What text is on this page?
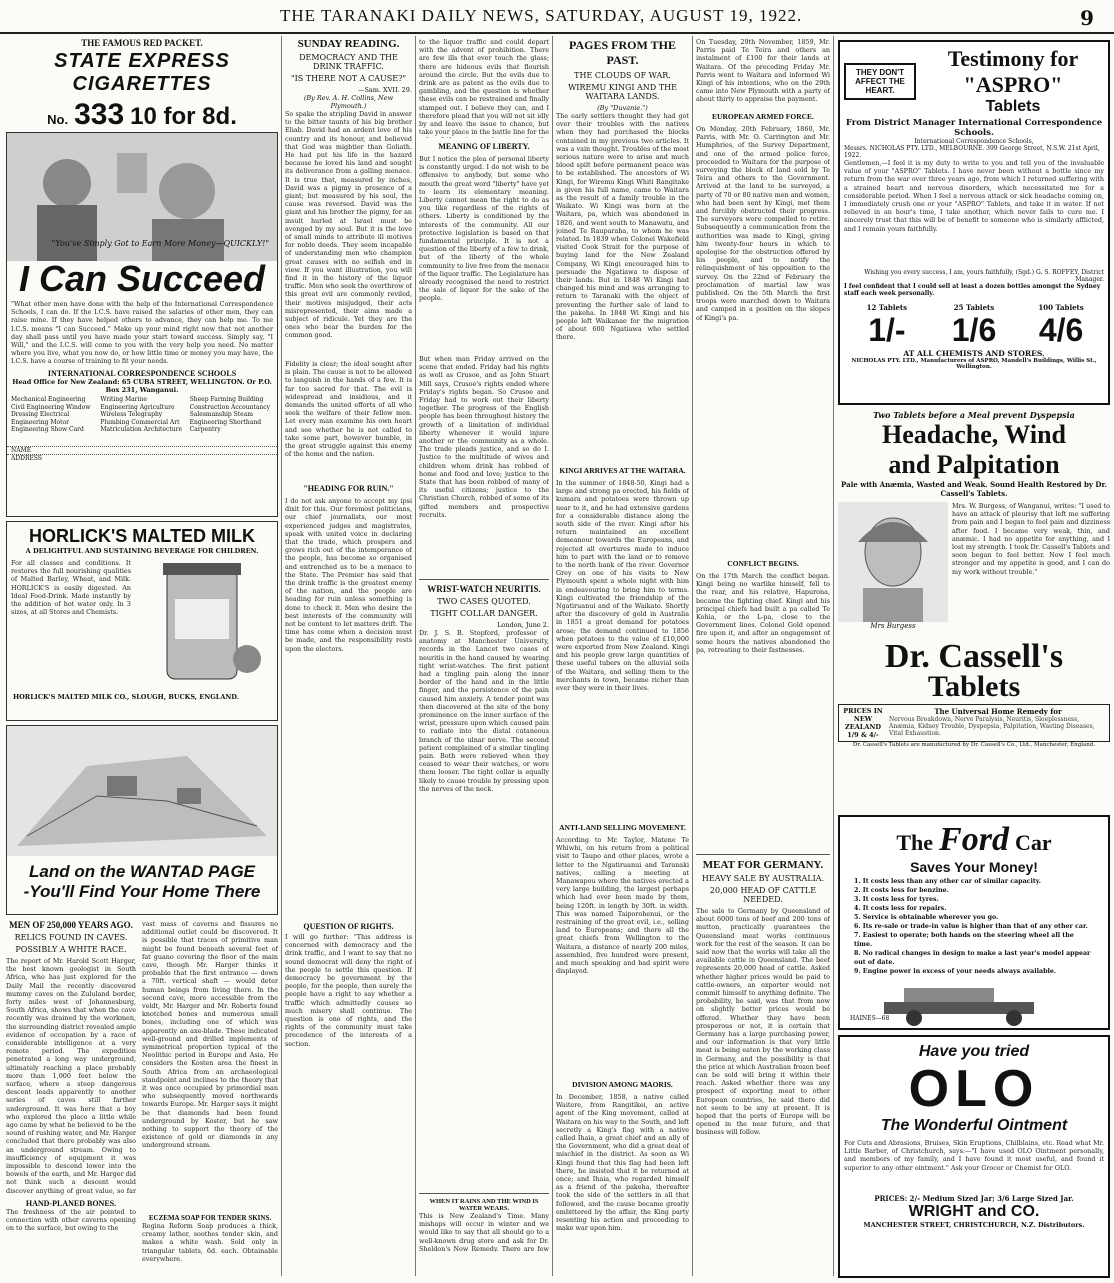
THE TARANAKI DAILY NEWS, SATURDAY, AUGUST 19, 1922.	9
THE FAMOUS RED PACKET.
STATE EXPRESS CIGARETTES
No. 333 10 for 8d.
"You've Simply Got to Earn More Money—QUICKLY!"
I Can Succeed
"What other men have done with the help of the International Correspondence Schools, I can do. If the I.C.S. have raised the salaries of other men, they can raise mine. If they have helped others to advance, they can help me. To me I.C.S. means "I can Succeed." Make up your mind right now that not another day shall pass until you have made your start toward success. Simply say, "I Will," and the I.C.S. will come to you with the very help you need. No matter where you live, what you now do, or how little time or money you may have, the I.C.S. have a course of training to fit your needs.
INTERNATIONAL CORRESPONDENCE SCHOOLS
Head Office for New Zealand: 65 CUBA STREET, WELLINGTON. Or P.O. Box 231, Wanganui.
Mechanical Engineering Civil Engineering Window Dressing Electrical Engineering Motor Engineering Show Card Writing Marine Engineering Agriculture Wireless Telegraphy Plumbing Commercial Art Matriculation Architecture Sheep Farming Building Construction Accountancy Salesmanship Steam Engineering Shorthand Carpentry
NAME
ADDRESS
HORLICK'S MALTED MILK
A DELIGHTFUL AND SUSTAINING BEVERAGE FOR CHILDREN.
For all classes and conditions. It restores the full nourishing qualities of Malted Barley, Wheat, and Milk. HORLICK'S is easily digested. An Ideal Food-Drink. Made instantly by the addition of hot water only. In 3 sizes, at all Stores and Chemists.
HORLICK'S MALTED MILK CO., SLOUGH, BUCKS, ENGLAND.
Land on the WANTAD PAGE
-You'll Find Your Home There
MEN OF 250,000 YEARS AGO.
RELICS FOUND IN CAVES.
POSSIBLY A WHITE RACE.
The report of Mr. Harold Scott Harger, the best known geologist in South Africa, who has just explored for the Daily Mail the recently discovered mummy caves on the Zululand border, forty miles west of Johannesburg, South Africa, shows that when the cave recently was drained by the workmen, the surrounding district revealed ample evidence of occupation by a race of considerable intelligence at a very remote period. The expedition penetrated a long way underground, ultimately reaching a place probably more than 1,000 feet below the surface, where a steep dangerous descent leads apparently to another series of caves still farther underground. It was here that a boy who explored the place a little while ago came by what he believed to be the sound of rushing water, and Mr. Harger concluded that there probably was also an underground stream. Owing to insufficiency of equipment it was impossible to descend lower into the bowels of the earth, and Mr. Harger did not think such a descent would discover anything of great value, so far
HAND-PLANED BONES.
The freshness of the air pointed to connection with other caverns opening on to the surface, but owing to the
vast mass of caverns and fissures no additional outlet could be discovered. It is possible that traces of primitive man might be found beneath several feet of fat guano covering the floor of the main cave, though Mr. Harger thinks it probable that the first entrance — down a 70ft. vertical shaft — would deter human beings from living there. In the second cave, more accessible from the veldt, Mr. Harger and Mr. Roberts found knotched bones and numerous small bones, including one of which was apparently an axe-blade. These indicated well-ground and drilled implements of symmetrical proportion typical of the Neolithic period in Europe and Asia. He considers the Kosten area the finest in South Africa from an archaeological standpoint and inclines to the theory that it was once occupied by primordial man who subsequently moved northwards towards Europe. Mr. Harger says it might be that diamonds had been found underground by Koster, but he saw nothing to support the theory of the existence of gold or diamonds in any underground stream.
ECZEMA SOAP FOR TENDER SKINS.
Regina Reform Soap produces a thick, creamy lather, soothes tender skin, and makes a white wash. Sold only in triangular tablets, 6d. each. Obtainable everywhere.
SUNDAY READING.
DEMOCRACY AND THE DRINK TRAFFIC.
"IS THERE NOT A CAUSE?"
—Sam. XVII. 29.
(By Rev. A. H. Collins, New Plymouth.)
So spake the stripling David in answer to the bitter taunts of his big brother Eliab. David had an ardent love of his country and its honour, and believed that God was mightier than Goliath. He had put his life in the hazard because he loved his land and sought its deliverance from a galling menace. It is true that, measured by inches, David was a pigmy in presence of a giant; but measured by his soul, the cause was reversed. David was the giant and his brother the pigmy, for an insult hurled at Israel must be avenged by my soul. But it is the love of small minds to attribute ill motives for noble deeds. They seem incapable of understanding men who champion great causes with no selfish end in view. If you want illustration, you will find it in the history of the liquor traffic. Men who seek the overthrow of this great evil are commonly reviled, their motives misjudged, their acts misrepresented, their aims made a subject of ridicule. Yet they are the ones who bear the burden for the common good.
Fidelity is clear; the ideal sought after is plain. The cause is not to be allowed to languish in the hands of a few. It is far too sacred for that. The evil is widespread and insidious, and it demands the united efforts of all who seek the welfare of their fellow men. Let every man examine his own heart and see whether he is not called to take some part, however humble, in the great struggle against this enemy of the home and the nation.
"HEADING FOR RUIN."
I do not ask anyone to accept my ipsi dixit for this. Our foremost politicians, our chief journalists, our most experienced judges and magistrates, speak with united voice in declaring that the trade, which prospers and grows rich out of the intemperance of the people, has become so organised and entrenched as to be a menace to the State. The Premier has said that the drink traffic is the greatest enemy of the nation, and the people are heading for ruin unless something is done to check it. Men who desire the best interests of the community will not be content to let matters drift. The time has come when a decision must be made, and the responsibility rests upon the electors.
QUESTION OF RIGHTS.
I will go further: "This address is concerned with democracy and the drink traffic, and I want to say that no sound democrat will deny the right of the people to settle this question. If democracy be government by the people, for the people, then surely the people have a right to say whether a traffic which admittedly causes so much misery shall continue. The question is one of rights, and the rights of the community must take precedence of the interests of a section.
to the liquor traffic and could depart with the advent of prohibition. There are few ills that ever touch the glass; there are hideous evils that flourish around the circle. But the evils due to drink are as patent as the evils due to gambling, and the question is whether these evils can be restrained and finally stamped out. I believe they can, and I therefore plead that you will not sit idly by and leave the issue to chance, but take your place in the battle line for the
MEANING OF LIBERTY.
But I notice the plea of personal liberty is constantly urged. I do not wish to be offensive to anybody, but some who mouth the great word "liberty" have yet to learn its elementary meaning. Liberty cannot mean the right to do as you like regardless of the rights of others. Liberty is conditioned by the interests of the community. All our protective legislation is based on that fundamental principle. It is not a question of the liberty of a few to drink, but of the liberty of the whole community to live free from the menace of the liquor traffic. The Legislature has already recognised the need to restrict the sale of liquor for the sake of the people.
But when man Friday arrived on the scene that ended. Friday had his rights as well as Crusoe, and as John Stuart Mill says, Crusoe's rights ended where Friday's rights began. So Crusoe and Friday had to work out their liberty together. The progress of the English people has been throughout history the growth of a limitation of individual liberty whenever it would injure another or the community as a whole. The trade pleads justice, and so do I. Justice to the multitude of wives and children whom drink has robbed of home and food and love; justice to the State that has been robbed of many of its useful citizens; justice to the Christian Church, robbed of some of its gifted members and prospective recruits.
WRIST-WATCH NEURITIS.
TWO CASES QUOTED.
TIGHT COLLAR DANGER.
London, June 2.
Dr. J. S. B. Stopford, professor of anatomy at Manchester University, records in the Lancet two cases of neuritis in the hand caused by wearing tight wrist-watches. The first patient had a tingling pain along the inner border of the hand and in the little finger, and the persistence of the pain caused him anxiety. A tender point was then discovered at the site of the bony prominence on the inner surface of the wrist, pressure upon which caused pain to radiate into the distal cutaneous branch of the ulnar nerve. The second patient complained of a similar tingling pain. Both were relieved when they ceased to wear their watches, or wore them looser. The tight collar is equally likely to cause trouble by pressing upon the nerves of the neck.
WHEN IT RAINS AND THE WIND IS WATER WEARS.
This is New Zealand's Time. Many mishaps will occur in winter and we would like to say that all should go to a well-known drug store and ask for Dr. Sheldon's Now Remedy. There are few
PAGES FROM THE PAST.
THE CLOUDS OF WAR.
WIREMU KINGI AND THE WAITARA LANDS.
(By "Duvanie.")
The early settlers thought they had got over their troubles with the natives when they had purchased the blocks contained in my previous two articles. It was a vain thought. Troubles of the most serious nature were to arise and much blood spilt before permanent peace was to be established. The ancestors of Wi Kingi, for Wiremu Kingi Whiti Rangitake is given his full name, came to Waitara as the result of a family trouble in the Waikato. Wi Kingi was born at the Waitara, pa, which was abandoned in 1826, and went south to Manawatu, and joined Te Rauparaha, to whom he was related. In 1839 when Colonel Wakefield visited Cook Strait for the purpose of buying land for the New Zealand Company, Wi Kingi encouraged him to persuade the Ngatiawa to dispose of their lands. But in 1848 Wi Kingi had changed his mind and was arranging to return to Taranaki with the object of preventing the further sale of land to the pakeha. In 1848 Wi Kingi and his people left Waikanae for the migration of about 600 Ngatiawa who settled there.
KINGI ARRIVES AT THE WAITARA.
In the summer of 1848-50, Kingi had a large and strong pa erected, his fields of kumara and potatoes were thrown up near to it, and he had extensive gardens for a considerable distance along the south side of the river. Kingi after his return maintained an excellent demeanour towards the Europeans, and rejected all overtures made to induce him to part with the land or to remove to the north bank of the river. Governor Grey on one of his visits to New Plymouth spent a whole night with him in endeavouring to bring him to terms. Kingi cultivated the friendship of the Ngatiruanui and of the Waikato. Shortly after the discovery of gold in Australia in 1851 a great demand for potatoes arose; the demand continued to 1856 when potatoes to the value of £10,000 were exported from New Zealand. Kingi and his people grew large quantities of these useful tubers on the alluvial soils of the Waitara, and selling them to the merchants in town, became richer than ever they were in their lives.
ANTI-LAND SELLING MOVEMENT.
According to Mr. Taylor, Matene Te Whiwhi, on his return from a political visit to Taupo and other places, wrote a letter to the Ngatiruanui and Taranaki natives, calling a meeting at Manawapou where the natives erected a very large building, the largest perhaps which had ever been made by them, being 120ft. in length by 30ft. in width. This was named Taiporohenui, or the restraining of the great evil, i.e., selling land to Europeans; and there all the great chiefs from Wellington to the Waitara, a distance of nearly 200 miles, assembled, five hundred were present, and much speaking and bad spirit were displayed.
DIVISION AMONG MAORIS.
In December, 1858, a native called Waitere, from Rangitikei, an active agent of the King movement, called at Waitara on his way to the South, and left secretly a King's flag with a native called Ihaia, a great chief and an ally of the Government, who did a great deal of mischief in the district. As soon as Wi Kingi found that this flag had been left there, he insisted that it be returned at once; and Ihaia, who regarded himself as a friend of the pakeha, thereafter took the side of the settlers in all that followed, and the cause became greatly embittered by the affair, the King party resenting his action and proceeding to make war upon him.
On Tuesday, 29th November, 1859, Mr. Parris paid Te Teira and others an instalment of £100 for their lands at Waitara. Of the preceding Friday Mr. Parris went to Waitara and informed Wi Kingi of his intentions, who on the 29th came into New Plymouth with a party of about thirty to appraise the payment.
EUROPEAN ARMED FORCE.
On Monday, 20th February, 1860, Mr. Parris, with Mr. O. Carrington and Mr. Humphries, of the Survey Department, and one of the armed police force, proceeded to Waitara for the purpose of surveying the block of land sold by Te Teira and others to the Government. Arrived at the land to be surveyed, a party of 70 or 80 native men and women, who had been sent by Kingi, met them and forcibly obstructed their progress. The surveyors were compelled to retire. Subsequently a communication from the authorities was made to Kingi, giving him twenty-four hours in which to apologise for the obstruction offered by his people, and to notify the relinquishment of his opposition to the survey. On the 22nd of February the proclamation of martial law was published. On the 5th March the first troops were marched down to Waitara and camped in a position on the slopes of Kingi's pa.
CONFLICT BEGINS.
On the 17th March the conflict began. Kingi being no warlike himself, fell to the rear, and his relative, Hapurona, became the fighting chief. Kingi and his principal chiefs had built a pa called Te Kohia, or the L-pa, close to the Government lines. Colonel Gold opened fire upon it, and after an engagement of some hours the natives abandoned the pa, retreating to their fastnesses.
MEAT FOR GERMANY.
HEAVY SALE BY AUSTRALIA.
20,000 HEAD OF CATTLE NEEDED.
The sale to Germany by Queensland of about 6000 tons of beef and 200 tons of mutton, practically guarantees the Queensland meat works continuous work for the rest of the season. It can be said now that the works will take all the available cattle in Queensland. The beef represents 20,000 head of cattle. Asked whether higher prices would be paid to cattle-owners, an exporter would not commit himself to anything definite. The probability, he said, was that from now on slightly better prices would be offered. Whether they have been prosperous or not, it is certain that Germany has a large purchasing power, and our information is that very little meat is being eaten by the working class in Germany, and the possibility is that the price at which Australian frozen beef can be sold will bring it within their reach. Asked whether there was any prospect of exporting meat to other European countries, he said there did not seem to be any at present. It is hoped that the ports of Europe will be opened in the near future, and that business will follow.
THEY DON'T AFFECT THE HEART.
Testimony for "ASPRO"
Tablets
From District Manager International Correspondence Schools.
International Correspondence Schools,
Messrs. NICHOLAS PTY. LTD., MELBOURNE. 399 George Street, N.S.W. 21st April, 1922.
Gentlemen,—I feel it is my duty to write to you and tell you of the invaluable value of your "ASPRO" Tablets. I have never been without a bottle since my return from the war over three years ago, from which I returned suffering with a strained heart and nervous disorders, which necessitated me for a considerable period. When I feel a nervous attack or sick headache coming on, I immediately crush one or your "ASPRO" Tablets, and take it in water. If not relieved in an hour's time, I take another, which never fails to cure me. I sincerely trust that this will be of benefit to someone who is similarly afflicted, and I remain yours faithfully.
Wishing you every success, I am, yours faithfully, (Sgd.) G. S. ROFFEY, District Manager.
I feel confident that I could sell at least a dozen bottles amongst the Sydney staff each week personally.
12 Tablets
1/-
25 Tablets
1/6
100 Tablets
4/6
AT ALL CHEMISTS AND STORES.
NICHOLAS PTY. LTD., Manufacturers of ASPRO, Mandell's Buildings, Willis St., Wellington.
Two Tablets before a Meal prevent Dyspepsia
Headache, Wind
and Palpitation
Pale with Anæmia, Wasted and Weak. Sound Health Restored by Dr. Cassell's Tablets.
Mrs Burgess
Mrs. W. Burgess, of Wanganui, writes: "I used to have an attack of pleurisy that left me suffering from pain and I began to feel pain and dizziness after food. I became very weak, thin, and anæmic. I had no appetite for anything, and I lost my strength. I took Dr. Cassell's Tablets and soon began to feel better. Now I feel much stronger and my appetite is good, and I can do my work without trouble."
Dr. Cassell's
Tablets
PRICES IN NEW ZEALAND 1/9 & 4/-
The Universal Home Remedy for
Nervous Breakdown, Nerve Paralysis, Neuritis, Sleeplessness, Anæmia, Kidney Trouble, Dyspepsia, Palpitation, Wasting Diseases, Vital Exhaustion.
Dr. Cassell's Tablets are manufactured by Dr. Cassell's Co., Ltd., Manchester, England.
The Ford Car
Saves Your Money!
1. It costs less than any other car of similar capacity.
2. It costs less for benzine.
3. It costs less for tyres.
4. It costs less for repairs.
5. Service is obtainable wherever you go.
6. Its re-sale or trade-in value is higher than that of any other car.
7. Easiest to operate; both hands on the steering wheel all the time.
8. No radical changes in design to make a last year's model appear out of date.
9. Engine power in excess of your needs always available.
HAINES—68
Have you tried
OLO
The Wonderful Ointment
For Cuts and Abrasions, Bruises, Skin Eruptions, Chilblains, etc. Read what Mr. Little Barber, of Christchurch, says:—"I have used OLO Ointment personally, and members of my family, and I have found it most useful, and found it superior to any other ointment." Ask your Grocer or Chemist for OLO.
PRICES: 2/- Medium Sized Jar; 3/6 Large Sized Jar.
WRIGHT and CO.
MANCHESTER STREET, CHRISTCHURCH, N.Z. Distributors.
